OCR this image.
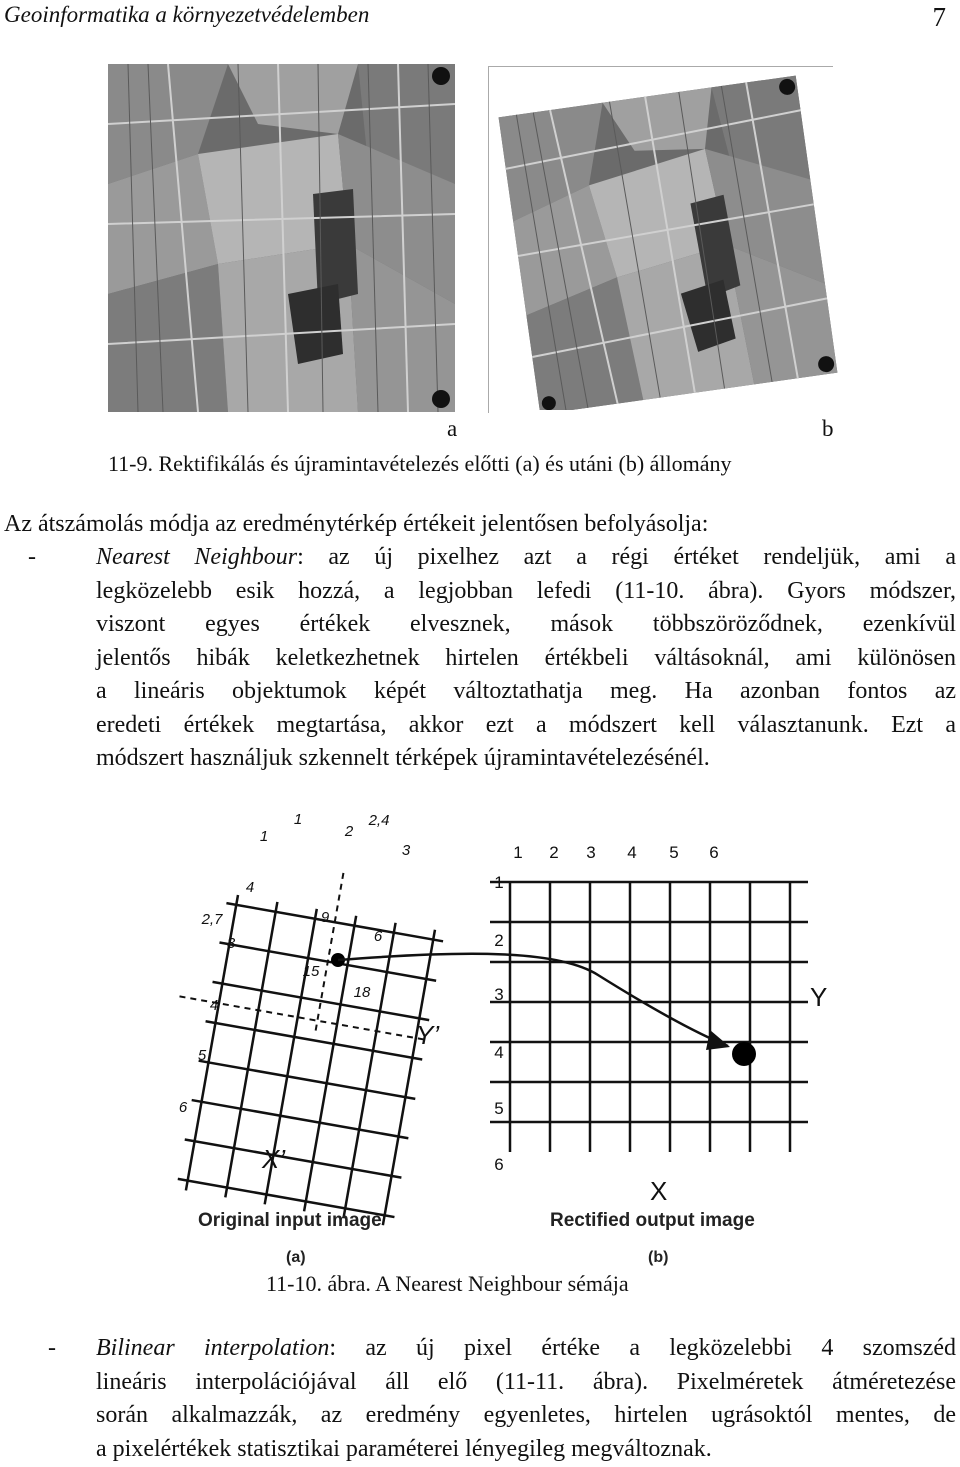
Geoinformatika a környezetvédelemben	7
a	b
11-9. Rektifikálás és újramintavételezés előtti (a) és utáni (b) állomány
Az átszámolás módja az eredménytérkép értékeit jelentősen befolyásolja:
-	Nearest Neighbour: az új pixelhez azt a régi értéket rendeljük, ami a
legközelebb esik hozzá, a legjobban lefedi (11-10. ábra). Gyors módszer,
viszont egyes értékek elvesznek, mások többszöröződnek, ezenkívül
jelentős hibák keletkezhetnek hirtelen értékbeli váltásoknál, ami különösen
a lineáris objektumok képét változtathatja meg. Ha azonban fontos az
eredeti értékek megtartása, akkor ezt a módszert kell választanunk. Ezt a
módszert használjuk szkennelt térképek újramintavételezésénél.
1 2 3 4 5 6
1
2
3
4
5
6
Y
X
1
1
2
2,4
3
4
2,7
3
4
5
6
9
6
15
18
Y’
X’
Original input image	Rectified output image
(a)	(b)
11-10. ábra. A Nearest Neighbour sémája
- Bilinear interpolation: az új pixel értéke a legközelebbi 4 szomszéd
lineáris interpolációjával áll elő (11-11. ábra). Pixelméretek átméretezése
során alkalmazzák, az eredmény egyenletes, hirtelen ugrásoktól mentes, de
a pixelértékek statisztikai paraméterei lényegileg megváltoznak.
